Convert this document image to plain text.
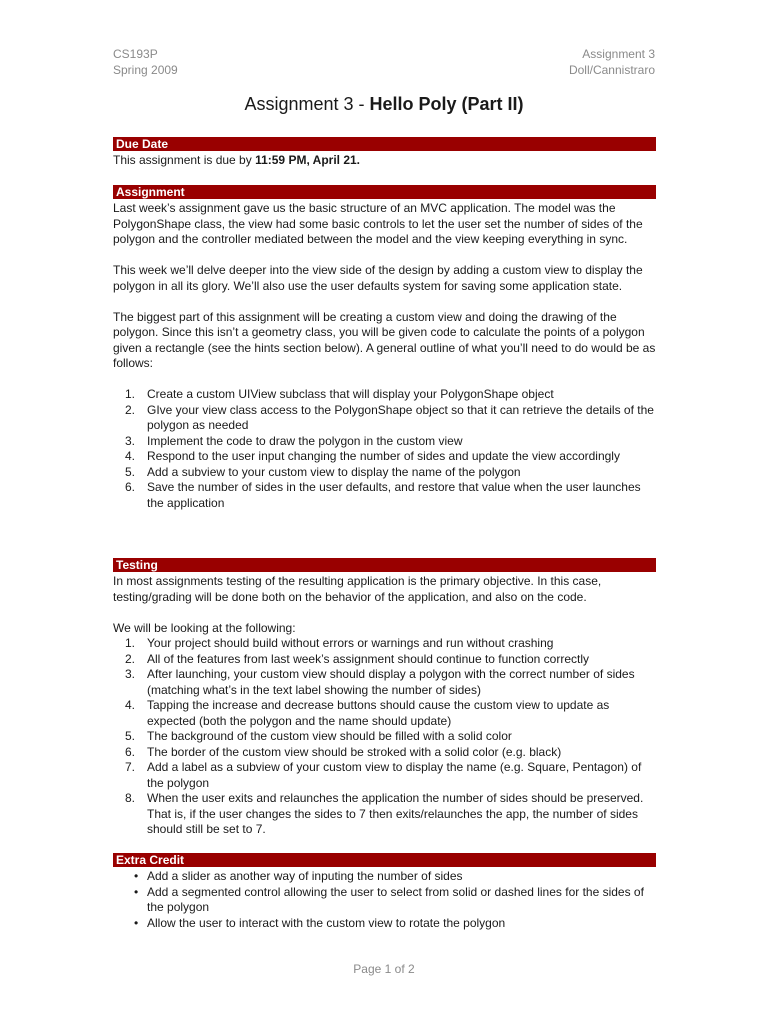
CS193P
Spring 2009
Assignment 3
Doll/Cannistraro
Assignment 3 - Hello Poly (Part II)
Due Date

This assignment is due by 11:59 PM, April 21.

Assignment

Last week’s assignment gave us the basic structure of an MVC application. The model was the PolygonShape class, the view had some basic controls to let the user set the number of sides of the polygon and the controller mediated between the model and the view keeping everything in sync.

This week we’ll delve deeper into the view side of the design by adding a custom view to display the polygon in all its glory. We’ll also use the user defaults system for saving some application state.

The biggest part of this assignment will be creating a custom view and doing the drawing of the polygon. Since this isn’t a geometry class, you will be given code to calculate the points of a polygon given a rectangle (see the hints section below). A general outline of what you’ll need to do would be as follows:

1. Create a custom UIView subclass that will display your PolygonShape object
2. GIve your view class access to the PolygonShape object so that it can retrieve the details of the polygon as needed
3. Implement the code to draw the polygon in the custom view
4. Respond to the user input changing the number of sides and update the view accordingly
5. Add a subview to your custom view to display the name of the polygon
6. Save the number of sides in the user defaults, and restore that value when the user launches the application
Testing

In most assignments testing of the resulting application is the primary objective. In this case, testing/grading will be done both on the behavior of the application, and also on the code.

We will be looking at the following:

1. Your project should build without errors or warnings and run without crashing
2. All of the features from last week’s assignment should continue to function correctly
3. After launching, your custom view should display a polygon with the correct number of sides (matching what’s in the text label showing the number of sides)
4. Tapping the increase and decrease buttons should cause the custom view to update as expected (both the polygon and the name should update)
5. The background of the custom view should be filled with a solid color
6. The border of the custom view should be stroked with a solid color (e.g. black)
7. Add a label as a subview of your custom view to display the name (e.g. Square, Pentagon) of the polygon
8. When the user exits and relaunches the application the number of sides should be preserved. That is, if the user changes the sides to 7 then exits/relaunches the app, the number of sides should still be set to 7.
Extra Credit
• Add a slider as another way of inputing the number of sides
• Add a segmented control allowing the user to select from solid or dashed lines for the sides of the polygon
• Allow the user to interact with the custom view to rotate the polygon
Page 1 of 2
